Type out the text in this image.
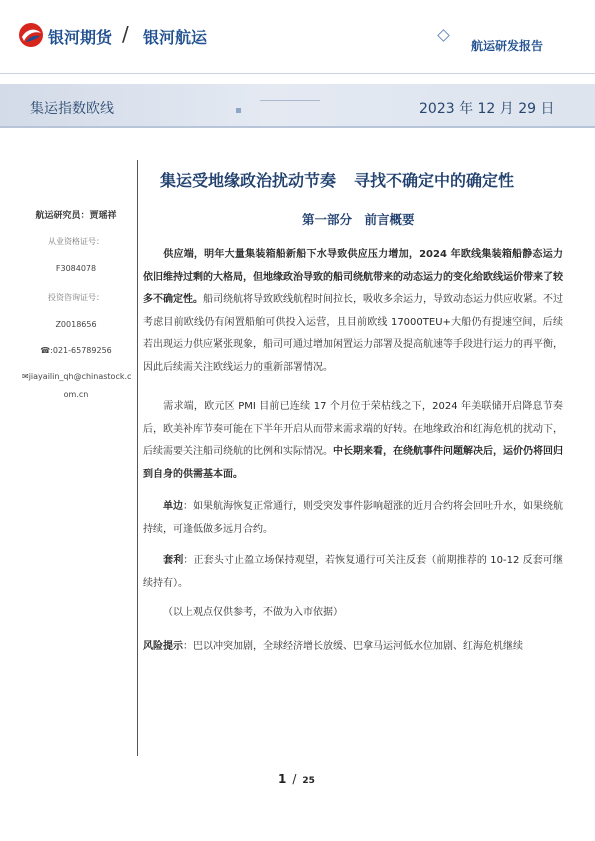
银河期货 / 银河航运	航运研发报告
集运指数欧线	2023 年 12 月 29 日
航运研究员：贾瑶祥
从业资格证号：
F3084078
投资咨询证号：
Z0018656
☎:021-65789256
✉jiayailin_qh@chinastock.c
om.cn
集运受地缘政治扰动节奏 寻找不确定中的确定性
第一部分　前言概要
供应端，明年大量集装箱船新船下水导致供应压力增加，2024 年欧线集装箱船静态运力依旧维持过剩的大格局，但地缘政治导致的船司绕航带来的动态运力的变化给欧线运价带来了较多不确定性。船司绕航将导致欧线航程时间拉长，吸收多余运力，导致动态运力供应收紧。不过考虑目前欧线仍有闲置船舶可供投入运营，且目前欧线 17000TEU+大船仍有提速空间，后续若出现运力供应紧张现象，船司可通过增加闲置运力部署及提高航速等手段进行运力的再平衡，因此后续需关注欧线运力的重新部署情况。
需求端，欧元区 PMI 目前已连续 17 个月位于荣枯线之下，2024 年美联储开启降息节奏后，欧美补库节奏可能在下半年开启从而带来需求端的好转。在地缘政治和红海危机的扰动下，后续需要关注船司绕航的比例和实际情况。中长期来看，在绕航事件问题解决后，运价仍将回归到自身的供需基本面。
单边：如果航海恢复正常通行，则受突发事件影响超涨的近月合约将会回吐升水，如果绕航持续，可逢低做多远月合约。
套利：正套头寸止盈立场保持观望，若恢复通行可关注反套（前期推荐的 10-12 反套可继续持有）。
（以上观点仅供参考，不做为入市依据）
风险提示：巴以冲突加剧，全球经济增长放缓、巴拿马运河低水位加剧、红海危机继续
1 / 25
